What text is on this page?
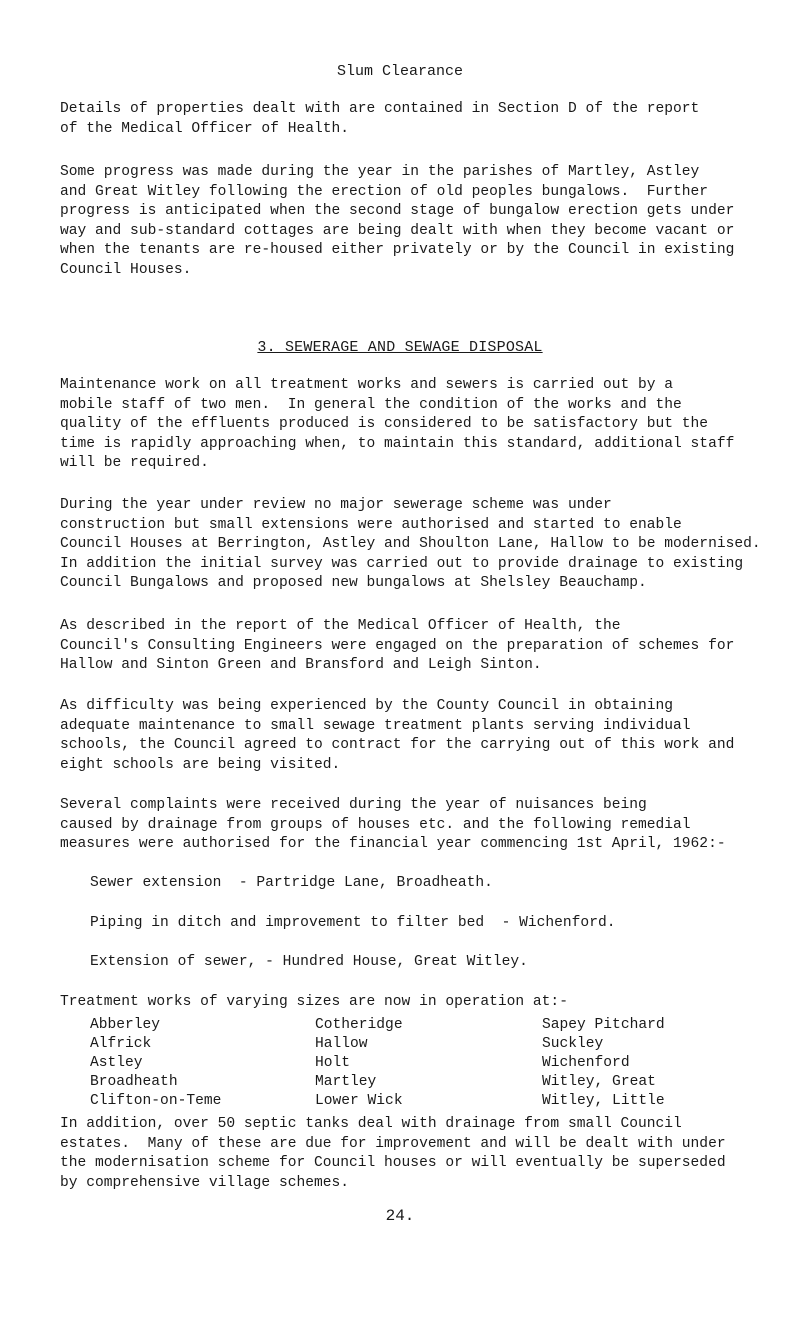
Slum Clearance

Details of properties dealt with are contained in Section D of the report
of the Medical Officer of Health.

Some progress was made during the year in the parishes of Martley, Astley
and Great Witley following the erection of old peoples bungalows.  Further
progress is anticipated when the second stage of bungalow erection gets under
way and sub-standard cottages are being dealt with when they become vacant or
when the tenants are re-housed either privately or by the Council in existing
Council Houses.

3. SEWERAGE AND SEWAGE DISPOSAL

Maintenance work on all treatment works and sewers is carried out by a
mobile staff of two men.  In general the condition of the works and the
quality of the effluents produced is considered to be satisfactory but the
time is rapidly approaching when, to maintain this standard, additional staff
will be required.

During the year under review no major sewerage scheme was under
construction but small extensions were authorised and started to enable
Council Houses at Berrington, Astley and Shoulton Lane, Hallow to be modernised.
In addition the initial survey was carried out to provide drainage to existing
Council Bungalows and proposed new bungalows at Shelsley Beauchamp.

As described in the report of the Medical Officer of Health, the
Council's Consulting Engineers were engaged on the preparation of schemes for
Hallow and Sinton Green and Bransford and Leigh Sinton.

As difficulty was being experienced by the County Council in obtaining
adequate maintenance to small sewage treatment plants serving individual
schools, the Council agreed to contract for the carrying out of this work and
eight schools are being visited.

Several complaints were received during the year of nuisances being
caused by drainage from groups of houses etc. and the following remedial
measures were authorised for the financial year commencing 1st April, 1962:-

Sewer extension  - Partridge Lane, Broadheath.

Piping in ditch and improvement to filter bed  - Wichenford.

Extension of sewer, - Hundred House, Great Witley.

Treatment works of varying sizes are now in operation at:-

Abberley
Alfrick
Astley
Broadheath
Clifton-on-Teme
Cotheridge
Hallow
Holt
Martley
Lower Wick
Sapey Pitchard
Suckley
Wichenford
Witley, Great
Witley, Little

In addition, over 50 septic tanks deal with drainage from small Council
estates.  Many of these are due for improvement and will be dealt with under
the modernisation scheme for Council houses or will eventually be superseded
by comprehensive village schemes.

24.
